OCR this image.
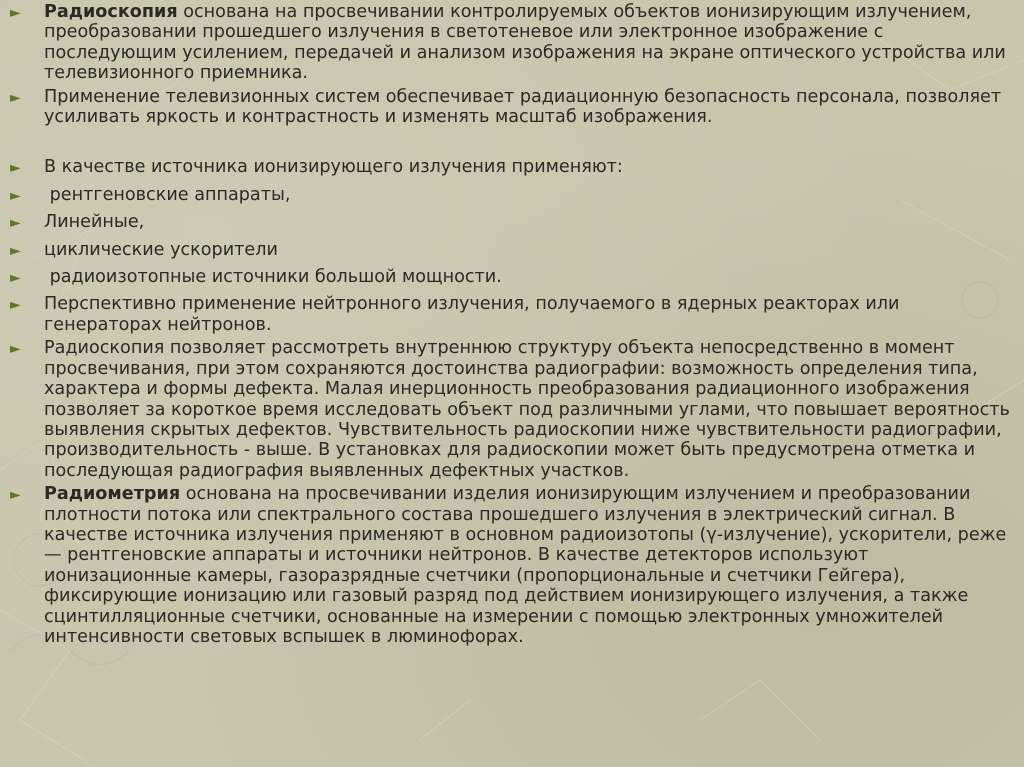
►	Радиоскопия основана на просвечивании контролируемых объектов ионизирующим излучением, преобразовании прошедшего излучения в светотеневое или электронное изображение с последующим усилением, передачей и анализом изображения на экране оптического устройства или телевизионного приемника.
►	Применение телевизионных систем обеспечивает радиационную безопасность персонала, позволяет усиливать яркость и контрастность и изменять масштаб изображения.
►	В качестве источника ионизирующего излучения применяют:
►	рентгеновские аппараты,
►	Линейные,
►	циклические ускорители
►	радиоизотопные источники большой мощности.
►	Перспективно применение нейтронного излучения, получаемого в ядерных реакторах или генераторах нейтронов.
►	Радиоскопия позволяет рассмотреть внутреннюю структуру объекта непосредственно в момент просвечивания, при этом сохраняются достоинства радиографии: возможность определения типа, характера и формы дефекта. Малая инерционность преобразования радиационного изображения позволяет за короткое время исследовать объект под различными углами, что повышает вероятность выявления скрытых дефектов. Чувствительность радиоскопии ниже чувствительности радиографии, производительность - выше. В установках для радиоскопии может быть предусмотрена отметка и последующая радиография выявленных дефектных участков.
►	Радиометрия основана на просвечивании изделия ионизирующим излучением и преобразовании плотности потока или спектрального состава прошедшего излучения в электрический сигнал. В качестве источника излучения применяют в основном радиоизотопы (γ-излучение), ускорители, реже — рентгеновские аппараты и источники нейтронов. В качестве детекторов используют ионизационные камеры, газоразрядные счетчики (пропорциональные и счетчики Гейгера), фиксирующие ионизацию или газовый разряд под действием ионизирующего излучения, а также сцинтилляционные счетчики, основанные на измерении с помощью электронных умножителей интенсивности световых вспышек в люминофорах.
